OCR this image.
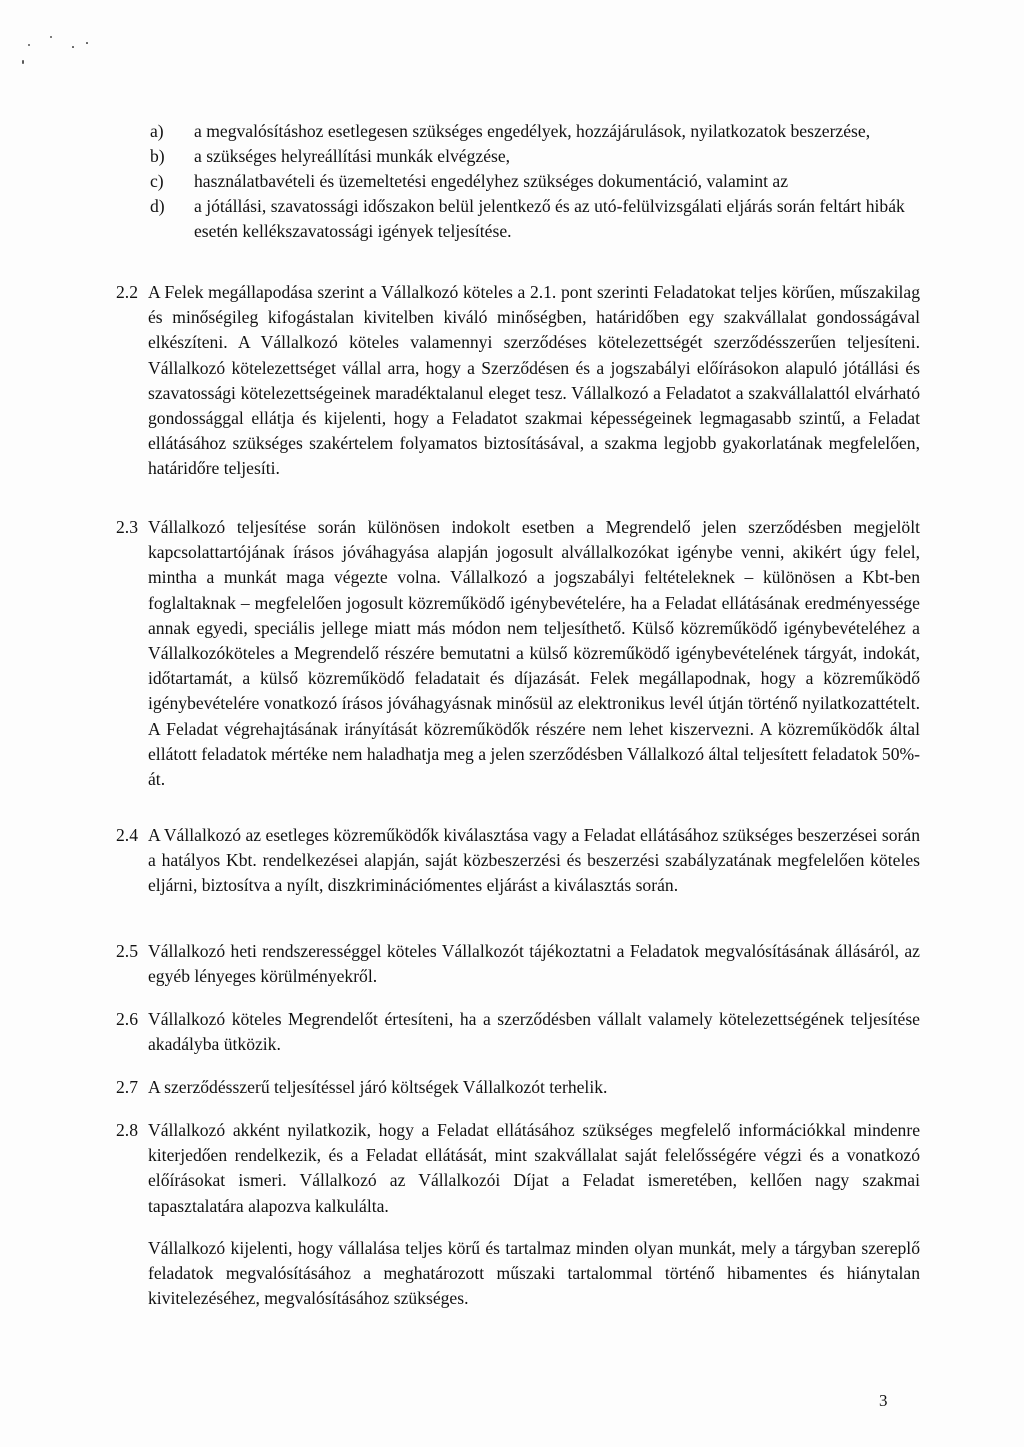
a) a megvalósításhoz esetlegesen szükséges engedélyek, hozzájárulások, nyilatkozatok beszerzése,
b) a szükséges helyreállítási munkák elvégzése,
c) használatbavételi és üzemeltetési engedélyhez szükséges dokumentáció, valamint az
d) a jótállási, szavatossági időszakon belül jelentkező és az utó-felülvizsgálati eljárás során feltárt hibák esetén kellékszavatossági igények teljesítése.
2.2 A Felek megállapodása szerint a Vállalkozó köteles a 2.1. pont szerinti Feladatokat teljes körűen, műszakilag és minőségileg kifogástalan kivitelben kiváló minőségben, határidőben egy szakvállalat gondosságával elkészíteni. A Vállalkozó köteles valamennyi szerződéses kötelezettségét szerződésszerűen teljesíteni. Vállalkozó kötelezettséget vállal arra, hogy a Szerződésen és a jogszabályi előírásokon alapuló jótállási és szavatossági kötelezettségeinek maradéktalanul eleget tesz. Vállalkozó a Feladatot a szakvállalattól elvárható gondossággal ellátja és kijelenti, hogy a Feladatot szakmai képességeinek legmagasabb szintű, a Feladat ellátásához szükséges szakértelem folyamatos biztosításával, a szakma legjobb gyakorlatának megfelelően, határidőre teljesíti.

2.3 Vállalkozó teljesítése során különösen indokolt esetben a Megrendelő jelen szerződésben megjelölt kapcsolattartójának írásos jóváhagyása alapján jogosult alvállalkozókat igénybe venni, akikért úgy felel, mintha a munkát maga végezte volna. Vállalkozó a jogszabályi feltételeknek – különösen a Kbt-ben foglaltaknak – megfelelően jogosult közreműködő igénybevételére, ha a Feladat ellátásának eredményessége annak egyedi, speciális jellege miatt más módon nem teljesíthető. Külső közreműködő igénybevételéhez a Vállalkozóköteles a Megrendelő részére bemutatni a külső közreműködő igénybevételének tárgyát, indokát, időtartamát, a külső közreműködő feladatait és díjazását. Felek megállapodnak, hogy a közreműködő igénybevételére vonatkozó írásos jóváhagyásnak minősül az elektronikus levél útján történő nyilatkozattételt. A Feladat végrehajtásának irányítását közreműködők részére nem lehet kiszervezni. A közreműködők által ellátott feladatok mértéke nem haladhatja meg a jelen szerződésben Vállalkozó által teljesített feladatok 50%-át.

2.4 A Vállalkozó az esetleges közreműködők kiválasztása vagy a Feladat ellátásához szükséges beszerzései során a hatályos Kbt. rendelkezései alapján, saját közbeszerzési és beszerzési szabályzatának megfelelően köteles eljárni, biztosítva a nyílt, diszkriminációmentes eljárást a kiválasztás során.

2.5 Vállalkozó heti rendszerességgel köteles Vállalkozót tájékoztatni a Feladatok megvalósításának állásáról, az egyéb lényeges körülményekről.

2.6 Vállalkozó köteles Megrendelőt értesíteni, ha a szerződésben vállalt valamely kötelezettségének teljesítése akadályba ütközik.

2.7 A szerződésszerű teljesítéssel járó költségek Vállalkozót terhelik.

2.8 Vállalkozó akként nyilatkozik, hogy a Feladat ellátásához szükséges megfelelő információkkal mindenre kiterjedően rendelkezik, és a Feladat ellátását, mint szakvállalat saját felelősségére végzi és a vonatkozó előírásokat ismeri. Vállalkozó az Vállalkozói Díjat a Feladat ismeretében, kellően nagy szakmai tapasztalatára alapozva kalkulálta.

Vállalkozó kijelenti, hogy vállalása teljes körű és tartalmaz minden olyan munkát, mely a tárgyban szereplő feladatok megvalósításához a meghatározott műszaki tartalommal történő hibamentes és hiánytalan kivitelezéséhez, megvalósításához szükséges.

3
